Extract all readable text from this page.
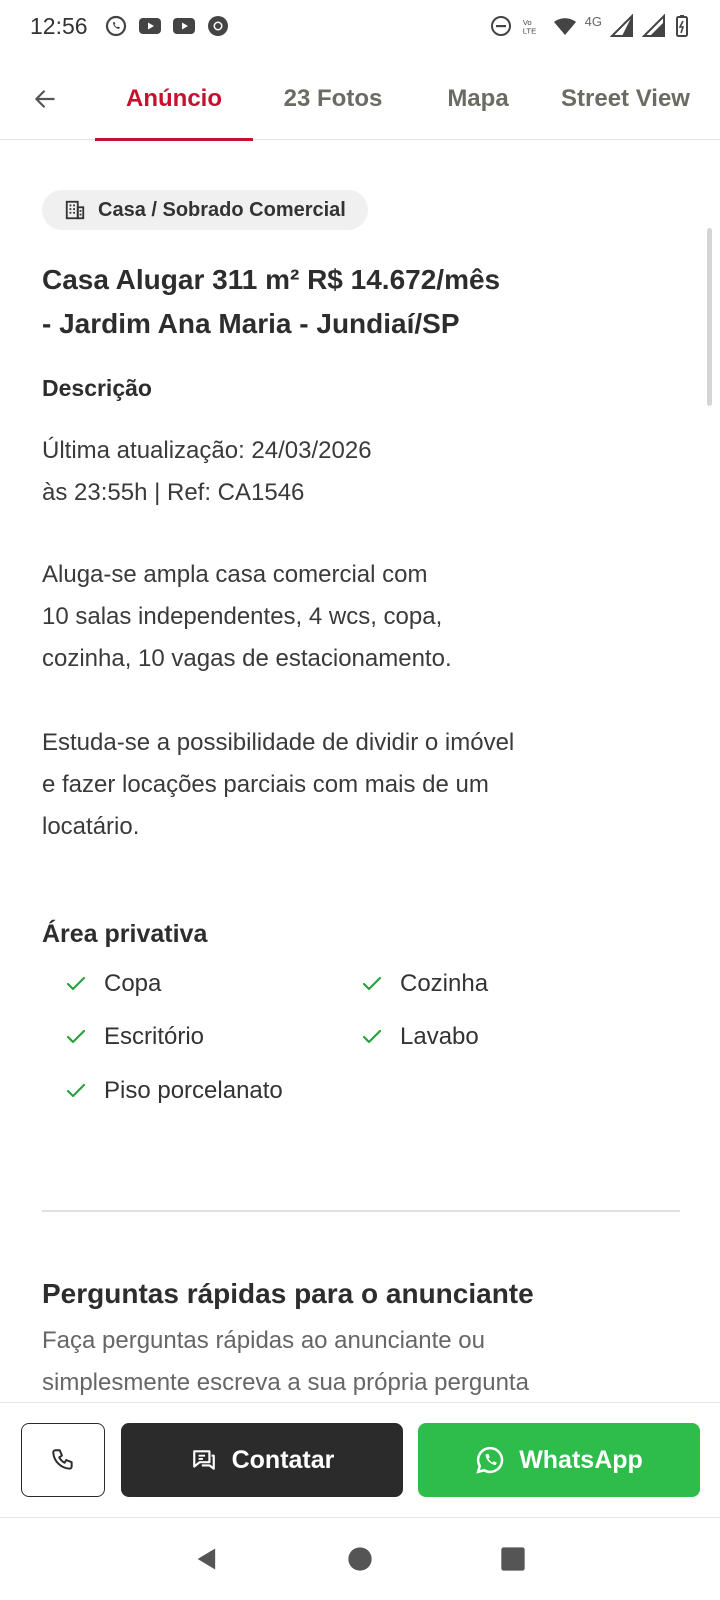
12:56	Vo
LTE
4G
Anúncio	23 Fotos	Mapa	Street View
Casa / Sobrado Comercial
Casa Alugar 311 m² R$ 14.672/mês
- Jardim Ana Maria - Jundiaí/SP
Descrição
Última atualização: 24/03/2026
às 23:55h | Ref: CA1546
Aluga-se ampla casa comercial com
10 salas independentes, 4 wcs, copa,
cozinha, 10 vagas de estacionamento.
Estuda-se a possibilidade de dividir o imóvel
e fazer locações parciais com mais de um
locatário.
Área privativa
Copa	Cozinha
Escritório	Lavabo
Piso porcelanato
Perguntas rápidas para o anunciante
Faça perguntas rápidas ao anunciante ou
simplesmente escreva a sua própria pergunta
Contatar	WhatsApp
